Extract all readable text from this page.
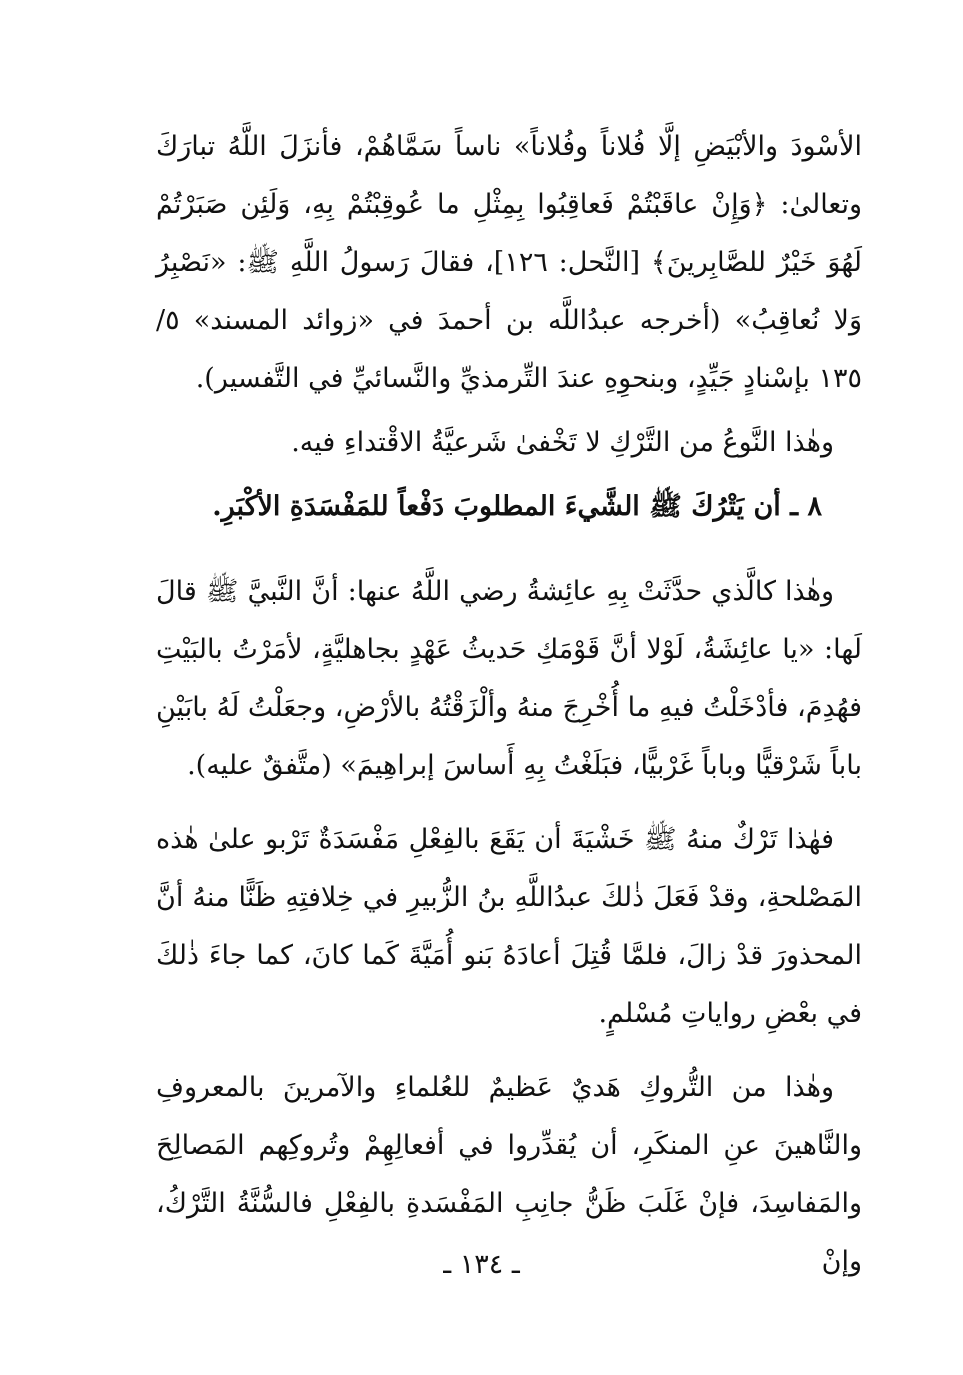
الأسْودَ والأبْيَضِ إلَّا فُلاناً وفُلاناً» ناساً سَمَّاهُمْ، فأنزَلَ اللَّهُ تبارَكَ وتعالىٰ: ﴿وَإِنْ عاقَبْتُمْ فَعاقِبُوا بِمِثْلِ ما عُوقِبْتُمْ بِهِ، وَلَئِن صَبَرْتُمْ لَهُوَ خَيْرٌ للصَّابِرينَ﴾ [النَّحل: ١٢٦]، فقالَ رَسولُ اللَّهِ ﷺ: «نَصْبِرُ وَلا نُعاقِبُ» (أخرجه عبدُاللَّه بن أحمدَ في «زوائد المسند» ٥/ ١٣٥ بإسْنادٍ جَيِّدٍ، وبنحوِهِ عندَ التِّرمذيِّ والنَّسائيِّ في التَّفسير).

وهٰذا النَّوعُ من التَّرْكِ لا تَخْفىٰ شَرعيَّةُ الاقْتداءِ فيه.

٨ ـ أن يَتْرُكَ ﷺ الشَّيءَ المطلوبَ دَفْعاً للمَفْسَدَةِ الأكْبَرِ.

وهٰذا كالَّذي حدَّثَتْ بِهِ عائِشةُ رضي اللَّهُ عنها: أنَّ النَّبيَّ ﷺ قالَ لَها: «يا عائِشَةُ، لَوْلا أنَّ قَوْمَكِ حَديثُ عَهْدٍ بجاهليَّةٍ، لأمَرْتُ بالبَيْتِ فهُدِمَ، فأدْخَلْتُ فيهِ ما أُخْرِجَ منهُ وألْزَقْتُهُ بالأرْضِ، وجعَلْتُ لَهُ بابَيْنِ باباً شَرْقيًّا وباباً غَرْبيًّا، فبَلَغْتُ بِهِ أَساسَ إبراهِيمَ» (متَّفقٌ عليه).

فهٰذا تَرْكٌ منهُ ﷺ خَشْيَةَ أن يَقَعَ بالفِعْلِ مَفْسَدَةٌ تَرْبو علىٰ هٰذه المَصْلحةِ، وقدْ فَعَلَ ذٰلكَ عبدُاللَّهِ بنُ الزُّبيرِ في خِلافتِهِ ظَنًّا منهُ أنَّ المحذورَ قدْ زالَ، فلمَّا قُتِلَ أعادَهُ بَنو أُمَيَّةَ كَما كانَ، كما جاءَ ذٰلكَ في بعْضِ رواياتِ مُسْلمٍ.

وهٰذا من التُّروكِ هَديٌ عَظيمٌ للعُلماءِ والآمرينَ بالمعروفِ والنَّاهينَ عنِ المنكَرِ، أن يُقدِّروا في أفعالِهِمْ وتُروكِهم المَصالِحَ والمَفاسِدَ، فإنْ غَلَبَ ظَنُّ جانِبِ المَفْسَدةِ بالفِعْلِ فالسُّنَّةُ التَّرْكُ، وإنْ

ـ ١٣٤ ـ
